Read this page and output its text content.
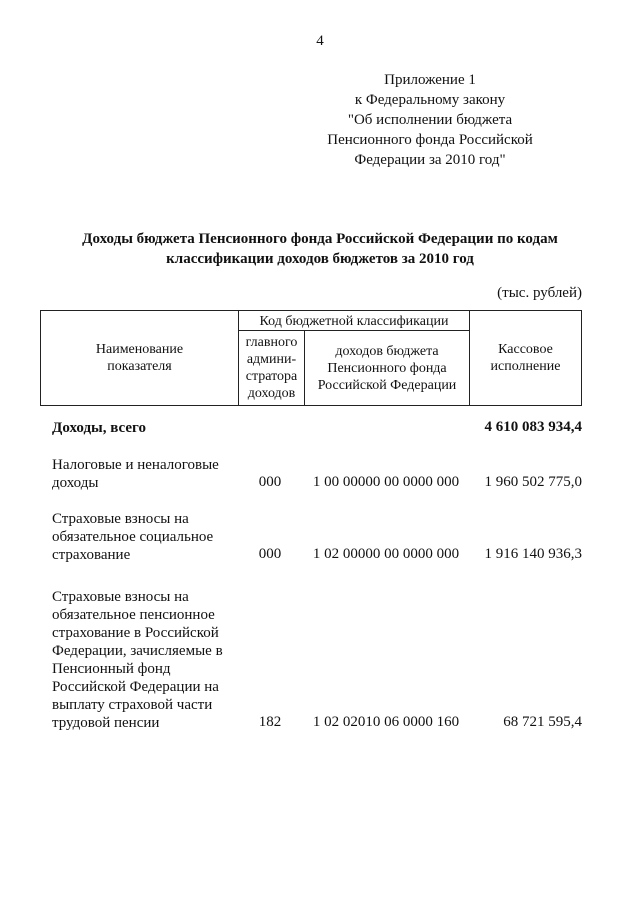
4
Приложение 1
к Федеральному закону
"Об исполнении бюджета
Пенсионного фонда Российской
Федерации за 2010 год"
Доходы бюджета Пенсионного фонда Российской Федерации по кодам
классификации доходов бюджетов за 2010 год
(тыс. рублей)
Наименование
показателя
Код бюджетной классификации
главного
админи-
стратора
доходов
доходов бюджета
Пенсионного фонда
Российской Федерации
Кассовое
исполнение
Доходы, всего	4 610 083 934,4
Налоговые и неналоговые
доходы	000	1 00 00000 00 0000 000	1 960 502 775,0
Страховые взносы на
обязательное социальное
страхование	000	1 02 00000 00 0000 000	1 916 140 936,3
Страховые взносы на
обязательное пенсионное
страхование в Российской
Федерации, зачисляемые в
Пенсионный фонд
Российской Федерации на
выплату страховой части
трудовой пенсии	182	1 02 02010 06 0000 160	68 721 595,4
